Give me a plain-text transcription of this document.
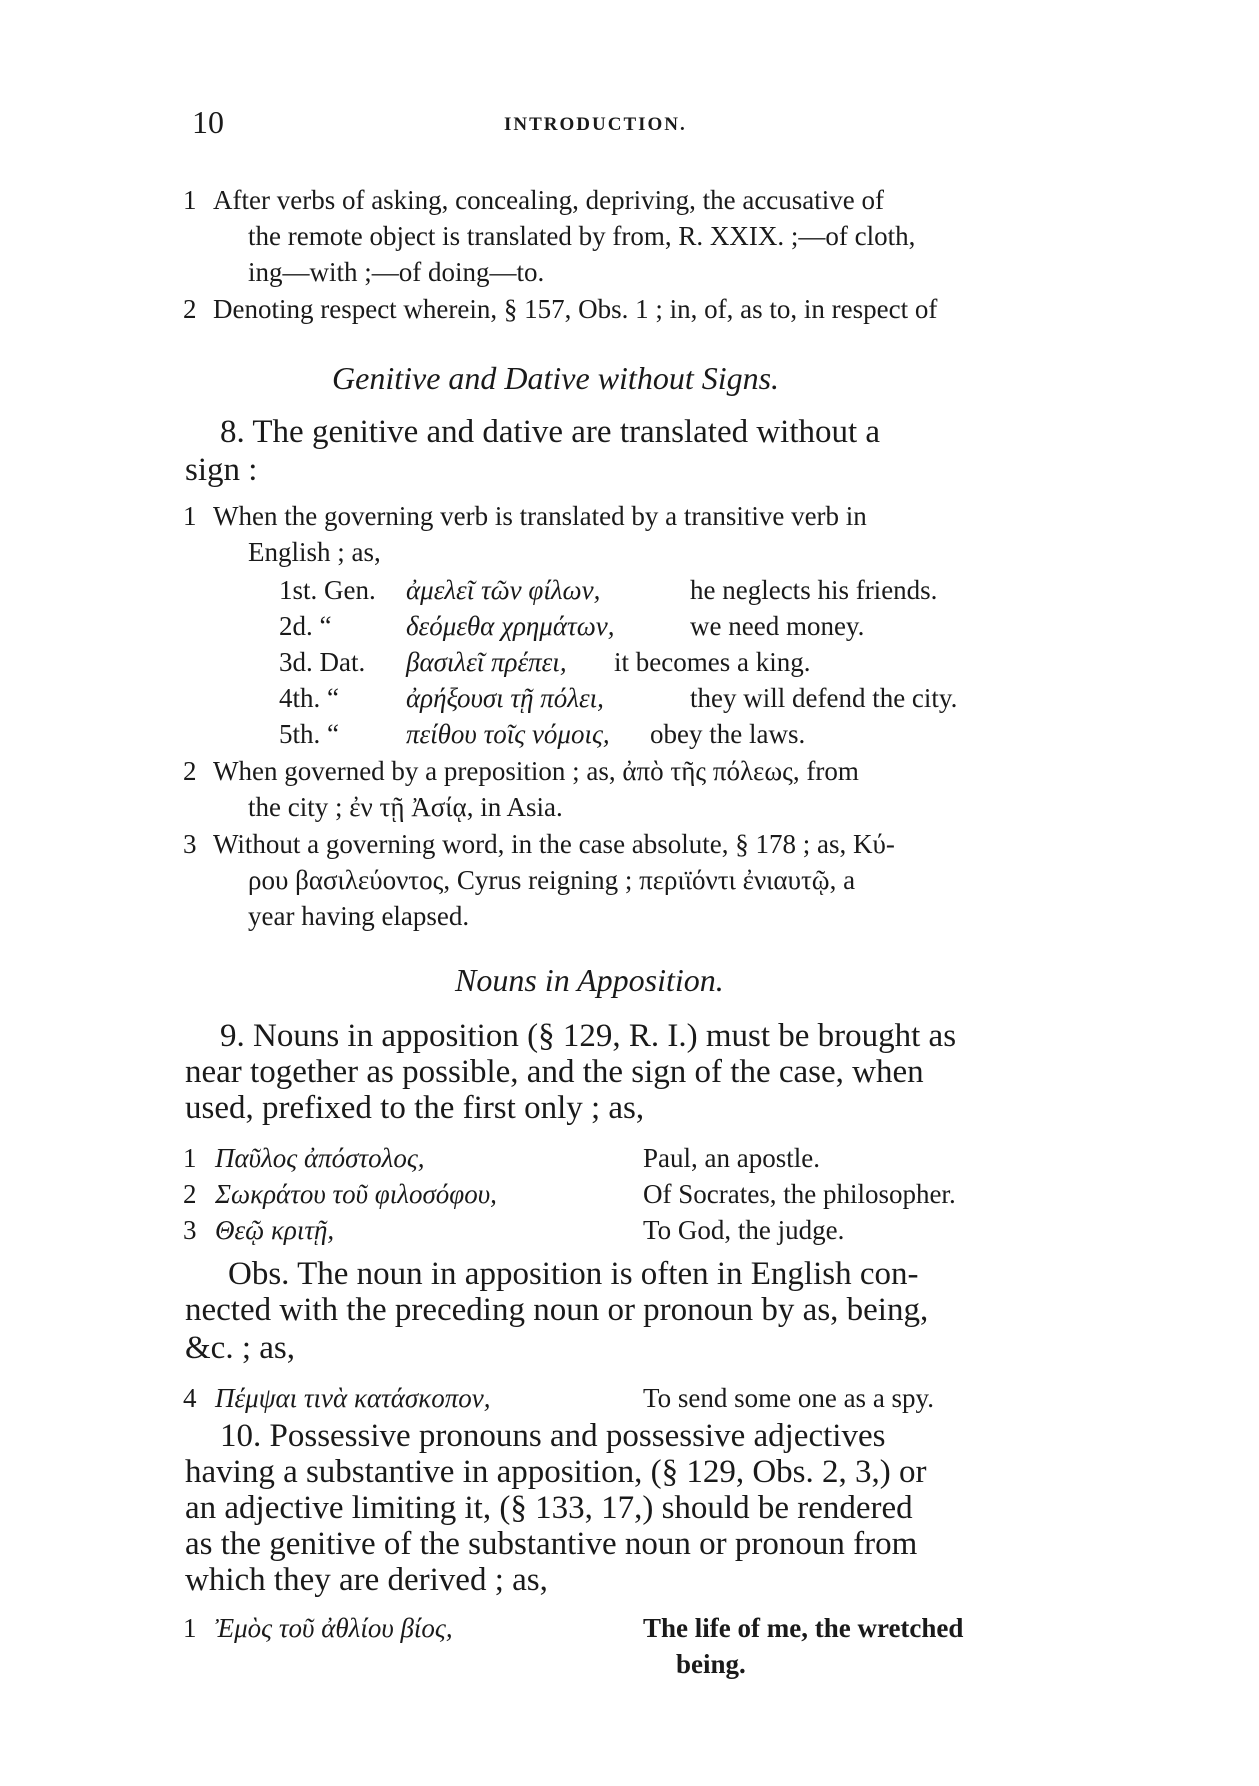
10	INTRODUCTION.
1 After verbs of asking, concealing, depriving, the accusative of
the remote object is translated by from, R. XXIX. ;—of cloth,
ing—with ;—of doing—to.
2 Denoting respect wherein, § 157, Obs. 1 ; in, of, as to, in respect of
Genitive and Dative without Signs.
8. The genitive and dative are translated without a
sign :
1 When the governing verb is translated by a transitive verb in
English ; as,
1st. Gen. ἀμελεῖ τῶν φίλων,	he neglects his friends.
2d. “	δεόμεθα χρημάτων,	we need money.
3d. Dat. βασιλεῖ πρέπει, it becomes a king.
4th. “ ἀρήξουσι τῇ πόλει,	they will defend the city.
5th. “ πείθου τοῖς νόμοις, obey the laws.
2 When governed by a preposition ; as, ἀπὸ τῆς πόλεως, from
the city ; ἐν τῇ Ἀσίᾳ, in Asia.
3 Without a governing word, in the case absolute, § 178 ; as, Κύ-
ρου βασιλεύοντος, Cyrus reigning ; περιϊόντι ἐνιαυτῷ, a
year having elapsed.
Nouns in Apposition.
9. Nouns in apposition (§ 129, R. I.) must be brought as
near together as possible, and the sign of the case, when
used, prefixed to the first only ; as,
1 Παῦλος ἀπόστολος,	Paul, an apostle.
2 Σωκράτου τοῦ φιλοσόφου,	Of Socrates, the philosopher.
3 Θεῷ κριτῇ,	To God, the judge.
Obs. The noun in apposition is often in English con-
nected with the preceding noun or pronoun by as, being,
&c. ; as,
4 Πέμψαι τινὰ κατάσκοπον,	To send some one as a spy.
10. Possessive pronouns and possessive adjectives
having a substantive in apposition, (§ 129, Obs. 2, 3,) or
an adjective limiting it, (§ 133, 17,) should be rendered
as the genitive of the substantive noun or pronoun from
which they are derived ; as,
1 Ἐμὸς τοῦ ἀθλίου βίος,	The life of me, the wretched
being.
